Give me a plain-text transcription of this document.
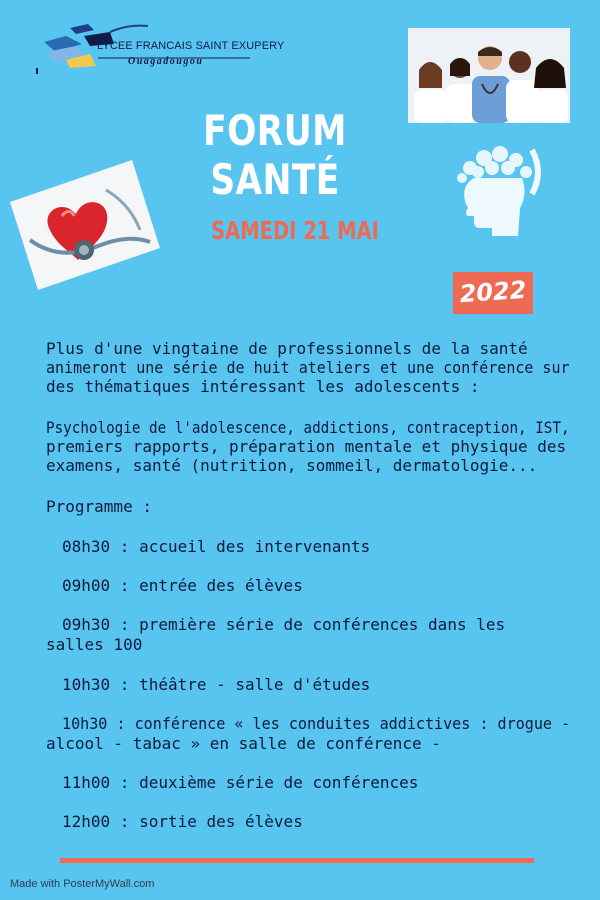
LYCEE FRANCAIS SAINT EXUPERY
Ouagadougou
FORUM SANTÉ
SAMEDI 21 MAI
2022
Plus d'une vingtaine de professionnels de la santé
animeront une série de huit ateliers et une conférence sur
des thématiques intéressant les adolescents :
Psychologie de l'adolescence, addictions, contraception, IST,
premiers rapports, préparation mentale et physique des
examens, santé (nutrition, sommeil, dermatologie...
Programme :
08h30 : accueil des intervenants
09h00 : entrée des élèves
09h30 : première série de conférences dans les
salles 100
10h30 : théâtre - salle d'études
10h30 : conférence « les conduites addictives : drogue -
alcool - tabac » en salle de conférence -
11h00 : deuxième série de conférences
12h00 : sortie des élèves
Made with PosterMyWall.com
